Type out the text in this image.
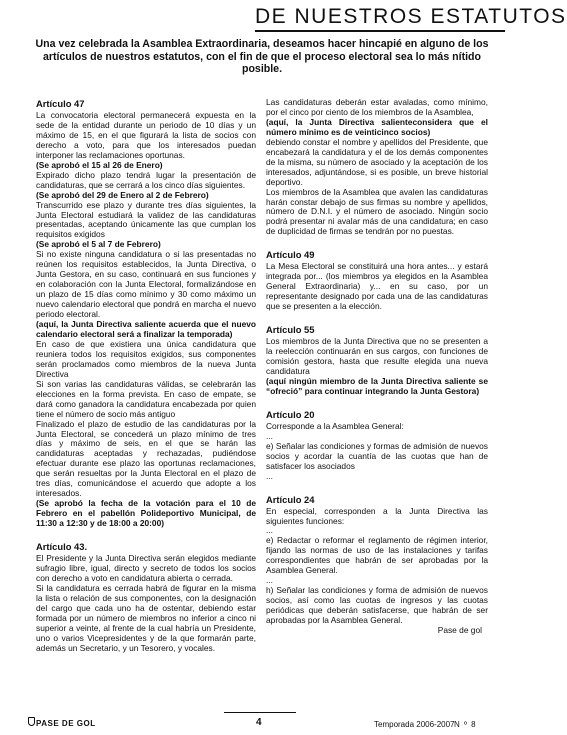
DE NUESTROS ESTATUTOS
Una vez celebrada la Asamblea Extraordinaria, deseamos hacer hincapié en alguno de los artículos de nuestros estatutos, con el fin de que el proceso electoral sea lo más nítido posible.
Artículo 47

La convocatoria electoral permanecerá expuesta en la sede de la entidad durante un periodo de 10 días y un máximo de 15, en el que figurará la lista de socios con derecho a voto, para que los interesados puedan interponer las reclamaciones oportunas.

(Se aprobó el 15 al 26 de Enero)

Expirado dicho plazo tendrá lugar la presentación de candidaturas, que se cerrará a los cinco días siguientes.

(Se aprobó del 29 de Enero al 2 de Febrero)

Transcurrido ese plazo y durante tres días siguientes, la Junta Electoral estudiará la validez de las candidaturas presentadas, aceptando únicamente las que cumplan los requisitos exigidos

(Se aprobó el 5 al 7 de Febrero)

Si no existe ninguna candidatura o si las presentadas no reúnen los requisitos establecidos, la Junta Directiva, o Junta Gestora, en su caso, continuará en sus funciones y en colaboración con la Junta Electoral, formalizándose en un plazo de 15 días como mínimo y 30 como máximo un nuevo calendario electoral que pondrá en marcha el nuevo periodo electoral.

(aquí, la Junta Directiva saliente acuerda que el nuevo calendario electoral será a finalizar la temporada)

En caso de que existiera una única candidatura que reuniera todos los requisitos exigidos, sus componentes serán proclamados como miembros de la nueva Junta Directiva

Si son varias las candidaturas válidas, se celebrarán las elecciones en la forma prevista. En caso de empate, se dará como ganadora la candidatura encabezada por quien tiene el número de socio más antiguo

Finalizado el plazo de estudio de las candidaturas por la Junta Electoral, se concederá un plazo mínimo de tres días y máximo de seis, en el que se harán las candidaturas aceptadas y rechazadas, pudiéndose efectuar durante ese plazo las oportunas reclamaciones, que serán resueltas por la Junta Electoral en el plazo de tres días, comunicándose el acuerdo que adopte a los interesados.

(Se aprobó la fecha de la votación para el 10 de Febrero en el pabellón Polideportivo Municipal, de 11:30 a 12:30 y de 18:00 a 20:00)

Artículo 43.

El Presidente y la Junta Directiva serán elegidos mediante sufragio libre, igual, directo y secreto de todos los socios con derecho a voto en candidatura abierta o cerrada.

Si la candidatura es cerrada habrá de figurar en la misma la lista o relación de sus componentes, con la designación del cargo que cada uno ha de ostentar, debiendo estar formada por un número de miembros no inferior a cinco ni superior a veinte, al frente de la cual habría un Presidente, uno o varios Vicepresidentes y de la que formarán parte, además un Secretario, y un Tesorero, y vocales.

Las candidaturas deberán estar avaladas, como mínimo, por el cinco por ciento de los miembros de la Asamblea,

(aquí, la Junta Directiva salienteconsidera que el número mínimo es de veinticinco socios)

debiendo constar el nombre y apellidos del Presidente, que encabezará la candidatura y el de los demás componentes de la misma, su número de asociado y la aceptación de los interesados, adjuntándose, si es posible, un breve historial deportivo.

Los miembros de la Asamblea que avalen las candidaturas harán constar debajo de sus firmas su nombre y apellidos, número de D.N.I. y el número de asociado. Ningún socio podrá presentar ni avalar más de una candidatura; en caso de duplicidad de firmas se tendrán por no puestas.

Artículo 49

La Mesa Electoral se constituirá una hora antes... y estará integrada por... (los miembros ya elegidos en la Asamblea General Extraordinaria) y... en su caso, por un representante designado por cada una de las candidaturas que se presenten a la elección.

Artículo 55

Los miembros de la Junta Directiva que no se presenten a la reelección continuarán en sus cargos, con funciones de comisión gestora, hasta que resulte elegida una nueva candidatura

(aquí ningún miembro de la Junta Directiva saliente se “ofreció” para continuar integrando la Junta Gestora)

Artículo 20

Corresponde a la Asamblea General:

...

e) Señalar las condiciones y formas de admisión de nuevos socios y acordar la cuantía de las cuotas que han de satisfacer los asociados

...

Artículo 24

En especial, corresponden a la Junta Directiva las siguientes funciones:

...

e) Redactar o reformar el reglamento de régimen interior, fijando las normas de uso de las instalaciones y tarifas correspondientes que habrán de ser aprobadas por la Asamblea General.

...

h) Señalar las condiciones y forma de admisión de nuevos socios, así como las cuotas de ingresos y las cuotas periódicas que deberán satisfacerse, que habrán de ser aprobadas por la Asamblea General.

Pase de gol

PASE DE GOL	4	Temporada 2006-2007 N º 8
